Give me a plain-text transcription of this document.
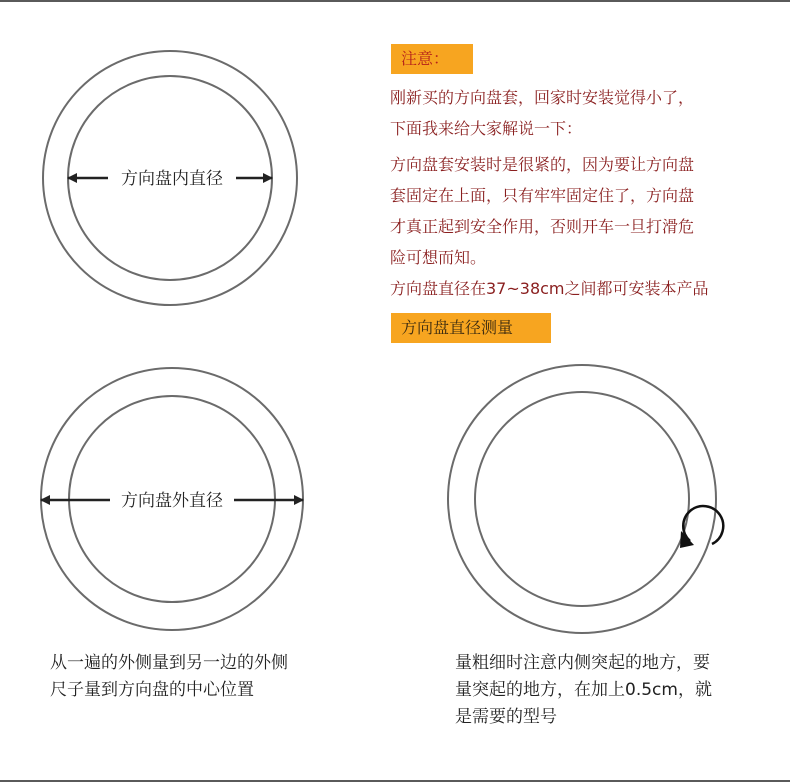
方向盘内直径
方向盘外直径
注意：

刚新买的方向盘套，回家时安装觉得小了，
下面我来给大家解说一下：

方向盘套安装时是很紧的，因为要让方向盘
套固定在上面，只有牢牢固定住了，方向盘
才真正起到安全作用，否则开车一旦打滑危
险可想而知。
方向盘直径在37~38cm之间都可安装本产品

方向盘直径测量

从一遍的外侧量到另一边的外侧
尺子量到方向盘的中心位置

量粗细时注意内侧突起的地方，要
量突起的地方，在加上0.5cm，就
是需要的型号
